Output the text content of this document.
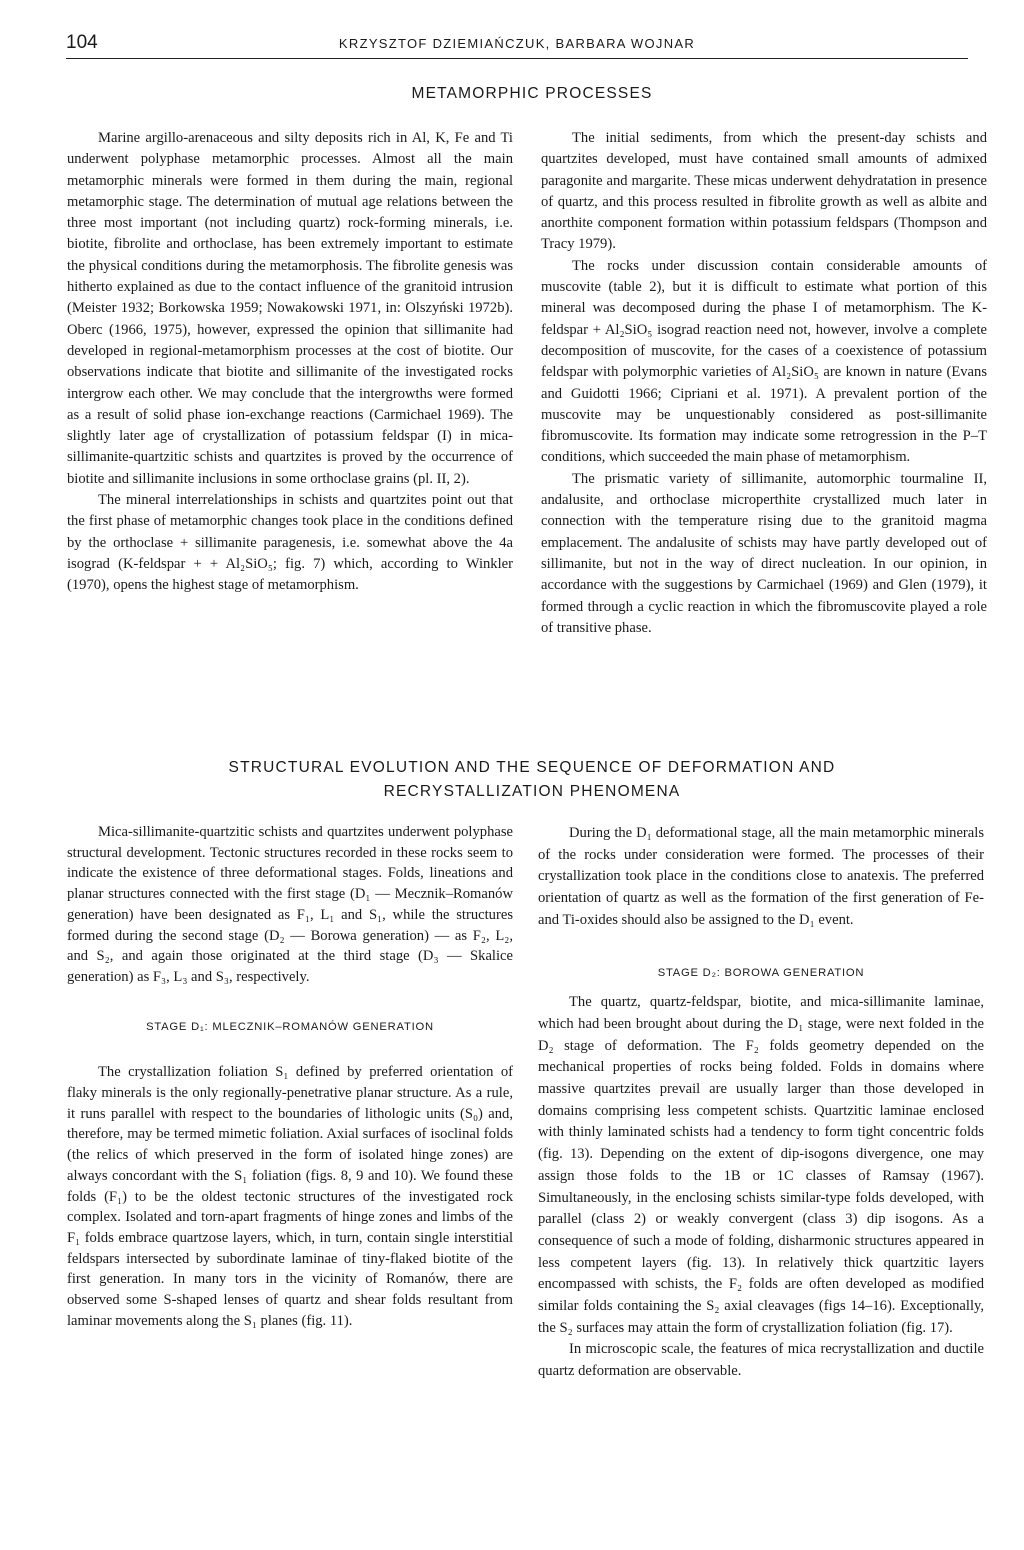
104	KRZYSZTOF DZIEMIAŃCZUK, BARBARA WOJNAR
METAMORPHIC PROCESSES

Marine argillo-arenaceous and silty deposits rich in Al, K, Fe and Ti underwent polyphase metamorphic processes. Almost all the main metamorphic minerals were formed in them during the main, regional metamorphic stage. The determination of mutual age relations between the three most important (not including quartz) rock-forming minerals, i.e. biotite, fibrolite and orthoclase, has been extremely important to estimate the physical conditions during the metamorphosis. The fibrolite genesis was hitherto explained as due to the contact influence of the granitoid intrusion (Meister 1932; Borkowska 1959; Nowakowski 1971, in: Olszyński 1972b). Oberc (1966, 1975), however, expressed the opinion that sillimanite had developed in regional-metamorphism processes at the cost of biotite. Our observations indicate that biotite and sillimanite of the investigated rocks intergrow each other. We may conclude that the intergrowths were formed as a result of solid phase ion-exchange reactions (Carmichael 1969). The slightly later age of crystallization of potassium feldspar (I) in mica-sillimanite-quartzitic schists and quartzites is proved by the occurrence of biotite and sillimanite inclusions in some orthoclase grains (pl. II, 2).

The mineral interrelationships in schists and quartzites point out that the first phase of metamorphic changes took place in the conditions defined by the orthoclase + sillimanite paragenesis, i.e. somewhat above the 4a isograd (K-feldspar + + Al₂SiO₅; fig. 7) which, according to Winkler (1970), opens the highest stage of metamorphism.

The initial sediments, from which the present-day schists and quartzites developed, must have contained small amounts of admixed paragonite and margarite. These micas underwent dehydratation in presence of quartz, and this process resulted in fibrolite growth as well as albite and anorthite component formation within potassium feldspars (Thompson and Tracy 1979).

The rocks under discussion contain considerable amounts of muscovite (table 2), but it is difficult to estimate what portion of this mineral was decomposed during the phase I of metamorphism. The K-feldspar + Al₂SiO₅ isograd reaction need not, however, involve a complete decomposition of muscovite, for the cases of a coexistence of potassium feldspar with polymorphic varieties of Al₂SiO₅ are known in nature (Evans and Guidotti 1966; Cipriani et al. 1971). A prevalent portion of the muscovite may be unquestionably considered as post-sillimanite fibromuscovite. Its formation may indicate some retrogression in the P–T conditions, which succeeded the main phase of metamorphism.

The prismatic variety of sillimanite, automorphic tourmaline II, andalusite, and orthoclase microperthite crystallized much later in connection with the temperature rising due to the granitoid magma emplacement. The andalusite of schists may have partly developed out of sillimanite, but not in the way of direct nucleation. In our opinion, in accordance with the suggestions by Carmichael (1969) and Glen (1979), it formed through a cyclic reaction in which the fibromuscovite played a role of transitive phase.

STRUCTURAL EVOLUTION AND THE SEQUENCE OF DEFORMATION AND
RECRYSTALLIZATION PHENOMENA

Mica-sillimanite-quartzitic schists and quartzites underwent polyphase structural development. Tectonic structures recorded in these rocks seem to indicate the existence of three deformational stages. Folds, lineations and planar structures connected with the first stage (D₁ — Mecznik–Romanów generation) have been designated as F₁, L₁ and S₁, while the structures formed during the second stage (D₂ — Borowa generation) — as F₂, L₂, and S₂, and again those originated at the third stage (D₃ — Skalice generation) as F₃, L₃ and S₃, respectively.

STAGE D₁: MLECZNIK–ROMANÓW GENERATION

The crystallization foliation S₁ defined by preferred orientation of flaky minerals is the only regionally-penetrative planar structure. As a rule, it runs parallel with respect to the boundaries of lithologic units (S₀) and, therefore, may be termed mimetic foliation. Axial surfaces of isoclinal folds (the relics of which preserved in the form of isolated hinge zones) are always concordant with the S₁ foliation (figs. 8, 9 and 10). We found these folds (F₁) to be the oldest tectonic structures of the investigated rock complex. Isolated and torn-apart fragments of hinge zones and limbs of the F₁ folds embrace quartzose layers, which, in turn, contain single interstitial feldspars intersected by subordinate laminae of tiny-flaked biotite of the first generation. In many tors in the vicinity of Romanów, there are observed some S-shaped lenses of quartz and shear folds resultant from laminar movements along the S₁ planes (fig. 11).

During the D₁ deformational stage, all the main metamorphic minerals of the rocks under consideration were formed. The processes of their crystallization took place in the conditions close to anatexis. The preferred orientation of quartz as well as the formation of the first generation of Fe- and Ti-oxides should also be assigned to the D₁ event.

STAGE D₂: BOROWA GENERATION

The quartz, quartz-feldspar, biotite, and mica-sillimanite laminae, which had been brought about during the D₁ stage, were next folded in the D₂ stage of deformation. The F₂ folds geometry depended on the mechanical properties of rocks being folded. Folds in domains where massive quartzites prevail are usually larger than those developed in domains comprising less competent schists. Quartzitic laminae enclosed with thinly laminated schists had a tendency to form tight concentric folds (fig. 13). Depending on the extent of dip-isogons divergence, one may assign those folds to the 1B or 1C classes of Ramsay (1967). Simultaneously, in the enclosing schists similar-type folds developed, with parallel (class 2) or weakly convergent (class 3) dip isogons. As a consequence of such a mode of folding, disharmonic structures appeared in less competent layers (fig. 13). In relatively thick quartzitic layers encompassed with schists, the F₂ folds are often developed as modified similar folds containing the S₂ axial cleavages (figs 14–16). Exceptionally, the S₂ surfaces may attain the form of crystallization foliation (fig. 17).

In microscopic scale, the features of mica recrystallization and ductile quartz deformation are observable.
